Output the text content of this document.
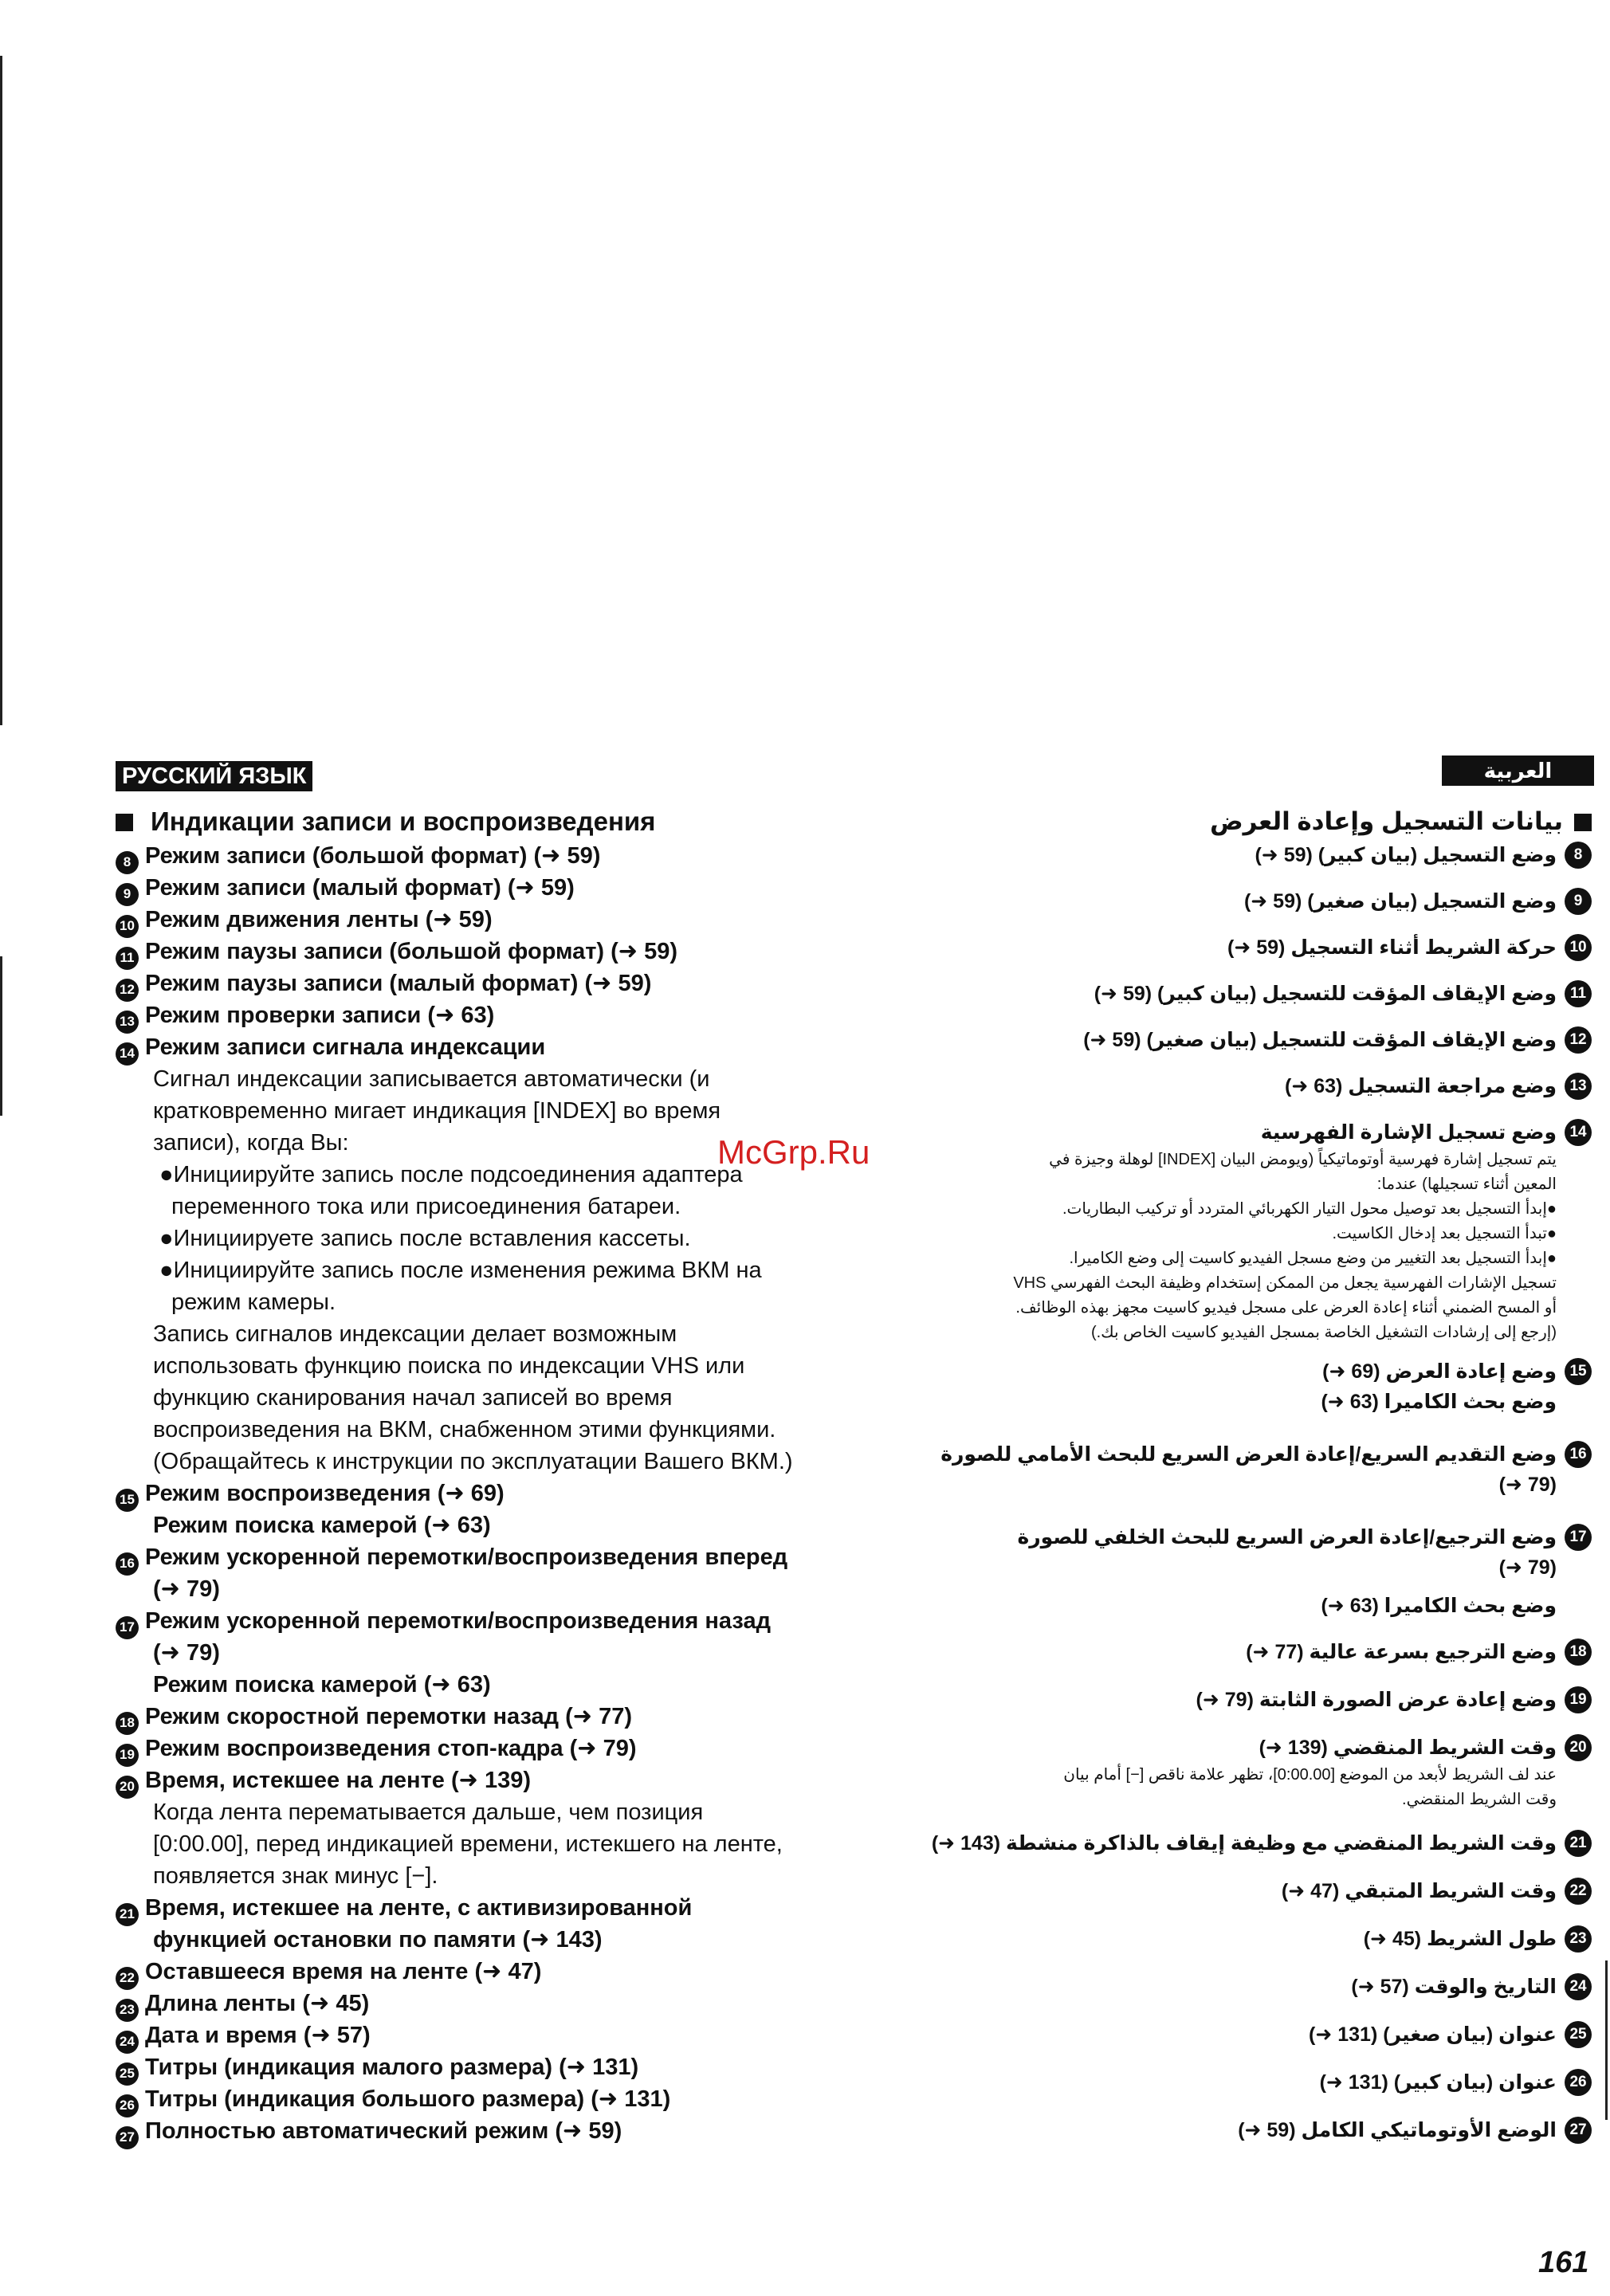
РУССКИЙ ЯЗЫК	العربية
Индикации записи и воспроизведения
8 Режим записи (большой формат) (➜ 59)
9 Режим записи (малый формат) (➜ 59)
10 Режим движения ленты (➜ 59)
11 Режим паузы записи (большой формат) (➜ 59)
12 Режим паузы записи (малый формат) (➜ 59)
13 Режим проверки записи (➜ 63)
14 Режим записи сигнала индексации
Сигнал индексации записывается автоматически (и
кратковременно мигает индикация [INDEX] во время
записи), когда Вы:
●Инициируйте запись после подсоединения адаптера
переменного тока или присоединения батареи.
●Инициируете запись после вставления кассеты.
●Инициируйте запись после изменения режима ВКМ на
режим камеры.
Запись сигналов индексации делает возможным
использовать функцию поиска по индексации VHS или
функцию сканирования начал записей во время
воспроизведения на ВКМ, снабженном этими функциями.
(Обращайтесь к инструкции по эксплуатации Вашего ВКМ.)
15 Режим воспроизведения (➜ 69)
Режим поиска камерой (➜ 63)
16 Режим ускоренной перемотки/воспроизведения вперед
(➜ 79)
17 Режим ускоренной перемотки/воспроизведения назад
(➜ 79)
Режим поиска камерой (➜ 63)
18 Режим скоростной перемотки назад (➜ 77)
19 Режим воспроизведения стоп-кадра (➜ 79)
20 Время, истекшее на ленте (➜ 139)
Когда лента перематывается дальше, чем позиция
[0:00.00], перед индикацией времени, истекшего на ленте,
появляется знак минус [−].
21 Время, истекшее на ленте, с активизированной
функцией остановки по памяти (➜ 143)
22 Оставшееся время на ленте (➜ 47)
23 Длина ленты (➜ 45)
24 Дата и время (➜ 57)
25 Титры (индикация малого размера) (➜ 131)
26 Титры (индикация большого размера) (➜ 131)
27 Полностью автоматический режим (➜ 59)
بيانات التسجيل وإعادة العرض
8
وضع التسجيل (بيان كبير) (59 ➜)
9
وضع التسجيل (بيان صغير) (59 ➜)
10
حركة الشريط أثناء التسجيل (59 ➜)
11
وضع الإيقاف المؤقت للتسجيل (بيان كبير) (59 ➜)
12
وضع الإيقاف المؤقت للتسجيل (بيان صغير) (59 ➜)
13
وضع مراجعة التسجيل (63 ➜)
14
وضع تسجيل الإشارة الفهرسية
يتم تسجيل إشارة فهرسية أوتوماتيكياً (ويومض البيان [INDEX] لوهلة وجيزة في
المعين أثناء تسجيلها) عندما:
●إبدأ التسجيل بعد توصيل محول التيار الكهربائي المتردد أو تركيب البطاريات.
●تبدأ التسجيل بعد إدخال الكاسيت.
●إبدأ التسجيل بعد التغيير من وضع مسجل الفيديو كاسيت إلى وضع الكاميرا.
تسجيل الإشارات الفهرسية يجعل من الممكن إستخدام وظيفة البحث الفهرسي VHS
أو المسح الضمني أثناء إعادة العرض على مسجل فيديو كاسيت مجهز بهذه الوظائف.
(إرجع إلى إرشادات التشغيل الخاصة بمسجل الفيديو كاسيت الخاص بك.)
15
وضع إعادة العرض (69 ➜)
وضع بحث الكاميرا (63 ➜)
16
وضع التقديم السريع/إعادة العرض السريع للبحث الأمامي للصورة
(79 ➜)
17
وضع الترجيع/إعادة العرض السريع للبحث الخلفي للصورة
(79 ➜)
وضع بحث الكاميرا (63 ➜)
18
وضع الترجيع بسرعة عالية (77 ➜)
19
وضع إعادة عرض الصورة الثابتة (79 ➜)
20
وقت الشريط المنقضي (139 ➜)
عند لف الشريط لأبعد من الموضع [0:00.00]، تظهر علامة ناقص [−] أمام بيان
وقت الشريط المنقضي.
21
وقت الشريط المنقضي مع وظيفة إيقاف بالذاكرة منشطة (143 ➜)
22
وقت الشريط المتبقي (47 ➜)
23
طول الشريط (45 ➜)
24
التاريخ والوقت (57 ➜)
25
عنوان (بيان صغير) (131 ➜)
26
عنوان (بيان كبير) (131 ➜)
27
الوضع الأوتوماتيكي الكامل (59 ➜)
McGrp.Ru
161
